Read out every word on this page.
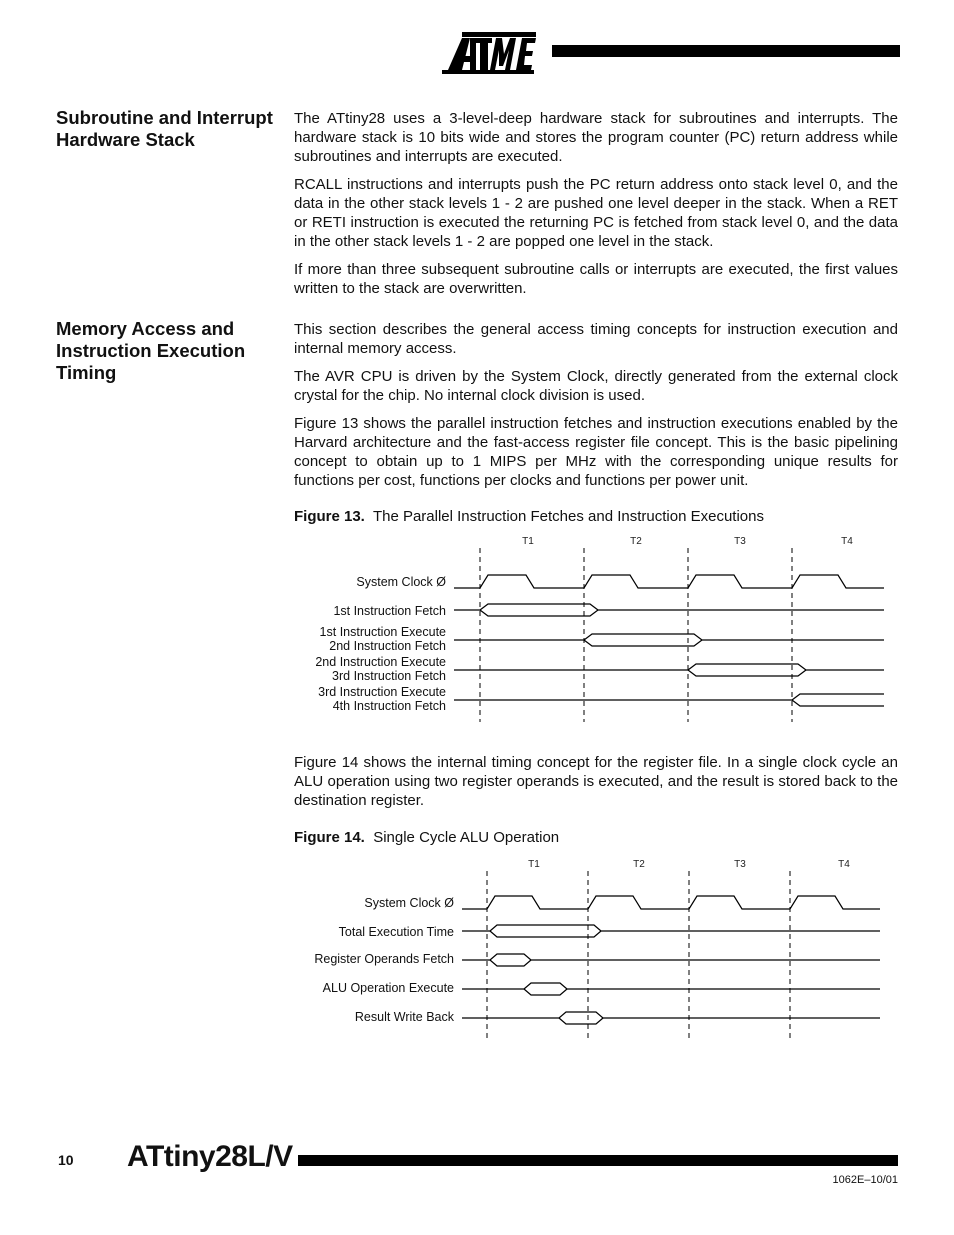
Subroutine and Interrupt Hardware Stack

The ATtiny28 uses a 3-level-deep hardware stack for subroutines and interrupts. The hardware stack is 10 bits wide and stores the program counter (PC) return address while subroutines and interrupts are executed.

RCALL instructions and interrupts push the PC return address onto stack level 0, and the data in the other stack levels 1 - 2 are pushed one level deeper in the stack. When a RET or RETI instruction is executed the returning PC is fetched from stack level 0, and the data in the other stack levels 1 - 2 are popped one level in the stack.

If more than three subsequent subroutine calls or interrupts are executed, the first values written to the stack are overwritten.

Memory Access and Instruction Execution Timing

This section describes the general access timing concepts for instruction execution and internal memory access.

The AVR CPU is driven by the System Clock, directly generated from the external clock crystal for the chip. No internal clock division is used.

Figure 13 shows the parallel instruction fetches and instruction executions enabled by the Harvard architecture and the fast-access register file concept. This is the basic pipelining concept to obtain up to 1 MIPS per MHz with the corresponding unique results for functions per cost, functions per clocks and functions per power unit.

Figure 13. The Parallel Instruction Fetches and Instruction Executions

T1	T2	T3	T4
System Clock Ø
1st Instruction Fetch
1st Instruction Execute
2nd Instruction Fetch
2nd Instruction Execute
3rd Instruction Fetch
3rd Instruction Execute
4th Instruction Fetch

Figure 14 shows the internal timing concept for the register file. In a single clock cycle an ALU operation using two register operands is executed, and the result is stored back to the destination register.

Figure 14. Single Cycle ALU Operation

T1	T2	T3	T4
System Clock Ø
Total Execution Time
Register Operands Fetch
ALU Operation Execute
Result Write Back
10 ATtiny28L/V
1062E–10/01
